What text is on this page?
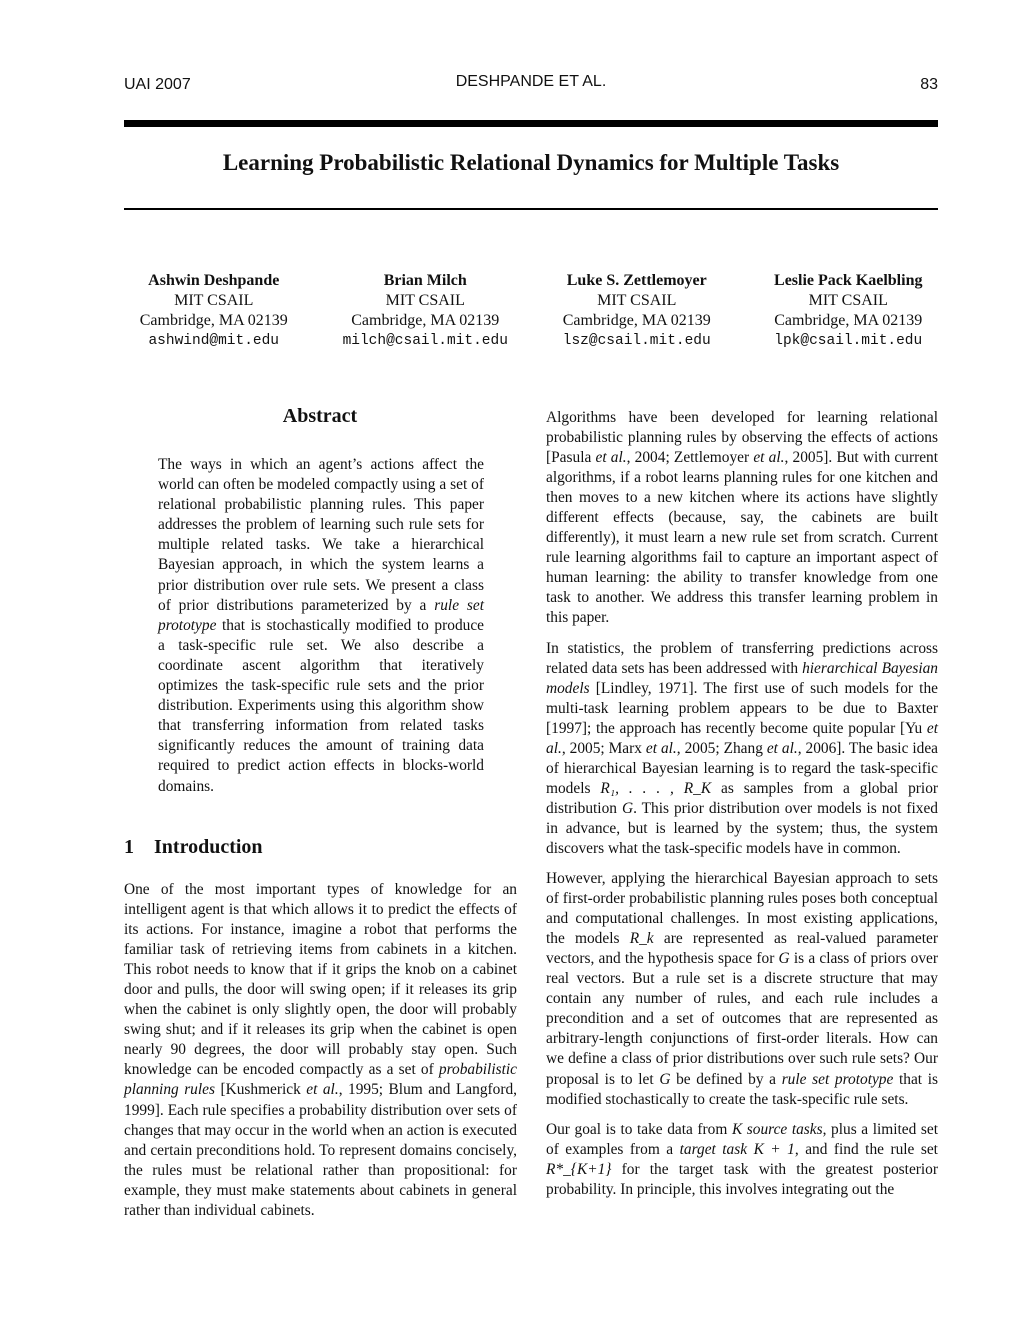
UAI 2007	DESHPANDE ET AL.	83
Learning Probabilistic Relational Dynamics for Multiple Tasks
Ashwin Deshpande
MIT CSAIL
Cambridge, MA 02139
ashwind@mit.edu
Brian Milch
MIT CSAIL
Cambridge, MA 02139
milch@csail.mit.edu
Luke S. Zettlemoyer
MIT CSAIL
Cambridge, MA 02139
lsz@csail.mit.edu
Leslie Pack Kaelbling
MIT CSAIL
Cambridge, MA 02139
lpk@csail.mit.edu
Abstract
The ways in which an agent’s actions affect the world can often be modeled compactly using a set of relational probabilistic planning rules. This paper addresses the problem of learning such rule sets for multiple related tasks. We take a hierarchical Bayesian approach, in which the system learns a prior distribution over rule sets. We present a class of prior distributions parameterized by a rule set prototype that is stochastically modified to produce a task-specific rule set. We also describe a coordinate ascent algorithm that iteratively optimizes the task-specific rule sets and the prior distribution. Experiments using this algorithm show that transferring information from related tasks significantly reduces the amount of training data required to predict action effects in blocks-world domains.
1 Introduction
One of the most important types of knowledge for an intelligent agent is that which allows it to predict the effects of its actions. For instance, imagine a robot that performs the familiar task of retrieving items from cabinets in a kitchen. This robot needs to know that if it grips the knob on a cabinet door and pulls, the door will swing open; if it releases its grip when the cabinet is only slightly open, the door will probably swing shut; and if it releases its grip when the cabinet is open nearly 90 degrees, the door will probably stay open. Such knowledge can be encoded compactly as a set of probabilistic planning rules [Kushmerick et al., 1995; Blum and Langford, 1999]. Each rule specifies a probability distribution over sets of changes that may occur in the world when an action is executed and certain preconditions hold. To represent domains concisely, the rules must be relational rather than propositional: for example, they must make statements about cabinets in general rather than individual cabinets.

Algorithms have been developed for learning relational probabilistic planning rules by observing the effects of actions [Pasula et al., 2004; Zettlemoyer et al., 2005]. But with current algorithms, if a robot learns planning rules for one kitchen and then moves to a new kitchen where its actions have slightly different effects (because, say, the cabinets are built differently), it must learn a new rule set from scratch. Current rule learning algorithms fail to capture an important aspect of human learning: the ability to transfer knowledge from one task to another. We address this transfer learning problem in this paper.

In statistics, the problem of transferring predictions across related data sets has been addressed with hierarchical Bayesian models [Lindley, 1971]. The first use of such models for the multi-task learning problem appears to be due to Baxter [1997]; the approach has recently become quite popular [Yu et al., 2005; Marx et al., 2005; Zhang et al., 2006]. The basic idea of hierarchical Bayesian learning is to regard the task-specific models R₁, . . . , R_K as samples from a global prior distribution G. This prior distribution over models is not fixed in advance, but is learned by the system; thus, the system discovers what the task-specific models have in common.

However, applying the hierarchical Bayesian approach to sets of first-order probabilistic planning rules poses both conceptual and computational challenges. In most existing applications, the models R_k are represented as real-valued parameter vectors, and the hypothesis space for G is a class of priors over real vectors. But a rule set is a discrete structure that may contain any number of rules, and each rule includes a precondition and a set of outcomes that are represented as arbitrary-length conjunctions of first-order literals. How can we define a class of prior distributions over such rule sets? Our proposal is to let G be defined by a rule set prototype that is modified stochastically to create the task-specific rule sets.

Our goal is to take data from K source tasks, plus a limited set of examples from a target task K + 1, and find the rule set R*_{K+1} for the target task with the greatest posterior probability. In principle, this involves integrating out the
